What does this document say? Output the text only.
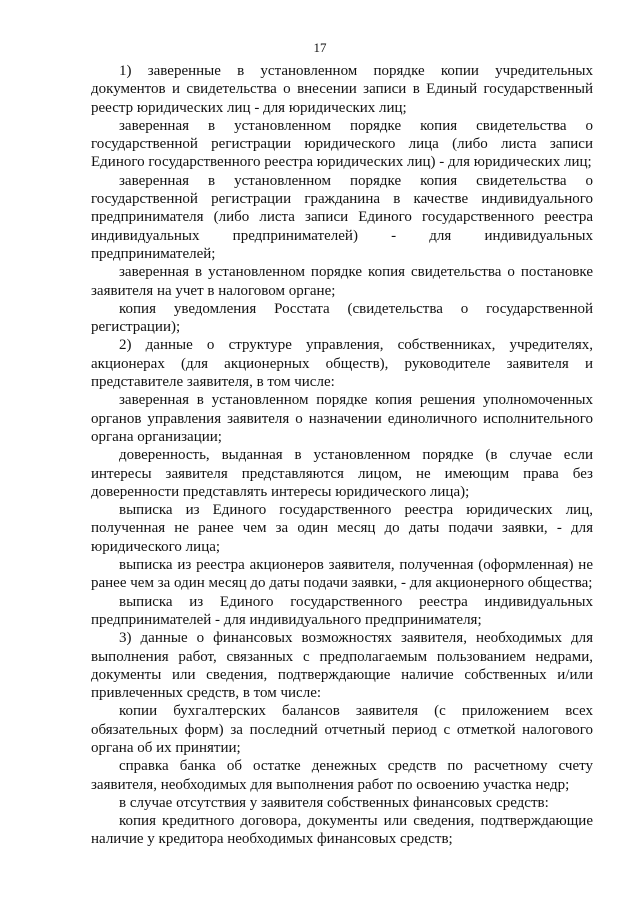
17

1) заверенные в установленном порядке копии учредительных документов и свидетельства о внесении записи в Единый государственный реестр юридических лиц - для юридических лиц;

заверенная в установленном порядке копия свидетельства о государственной регистрации юридического лица (либо листа записи Единого государственного реестра юридических лиц) - для юридических лиц;

заверенная в установленном порядке копия свидетельства о государственной регистрации гражданина в качестве индивидуального предпринимателя (либо листа записи Единого государственного реестра индивидуальных предпринимателей) - для индивидуальных предпринимателей;

заверенная в установленном порядке копия свидетельства о постановке заявителя на учет в налоговом органе;

копия уведомления Росстата (свидетельства о государственной регистрации);

2) данные о структуре управления, собственниках, учредителях, акционерах (для акционерных обществ), руководителе заявителя и представителе заявителя, в том числе:

заверенная в установленном порядке копия решения уполномоченных органов управления заявителя о назначении единоличного исполнительного органа организации;

доверенность, выданная в установленном порядке (в случае если интересы заявителя представляются лицом, не имеющим права без доверенности представлять интересы юридического лица);

выписка из Единого государственного реестра юридических лиц, полученная не ранее чем за один месяц до даты подачи заявки, - для юридического лица;

выписка из реестра акционеров заявителя, полученная (оформленная) не ранее чем за один месяц до даты подачи заявки, - для акционерного общества;

выписка из Единого государственного реестра индивидуальных предпринимателей - для индивидуального предпринимателя;

3) данные о финансовых возможностях заявителя, необходимых для выполнения работ, связанных с предполагаемым пользованием недрами, документы или сведения, подтверждающие наличие собственных и/или привлеченных средств, в том числе:

копии бухгалтерских балансов заявителя (с приложением всех обязательных форм) за последний отчетный период с отметкой налогового органа об их принятии;

справка банка об остатке денежных средств по расчетному счету заявителя, необходимых для выполнения работ по освоению участка недр;

в случае отсутствия у заявителя собственных финансовых средств:

копия кредитного договора, документы или сведения, подтверждающие наличие у кредитора необходимых финансовых средств;
